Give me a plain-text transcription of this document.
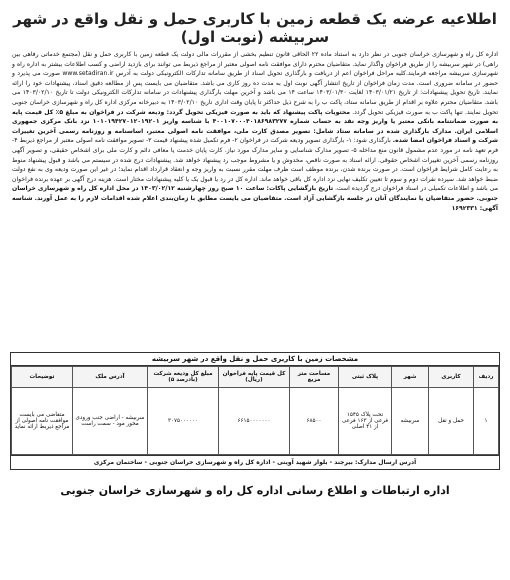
اطلاعیه عرضه یک قطعه زمین با کاربری حمل و نقل واقع در شهر سربیشه (نوبت اول)
اداره کل راه و شهرسازی خراسان جنوبی در نظر دارد به استناد ماده ۲۲ الحاقی قانون تنظیم بخشی از مقررات مالی دولت یک قطعه زمین با کاربری حمل و نقل (مجتمع خدماتی رفاهی بین راهی) در شهر سربیشه را از طریق فراخوان واگذار نماید. متقاضیان محترم دارای موافقت نامه اصولی معتبر از مراجع ذیربط می توانند برای بازدید اراضی و کسب اطلاعات بیشتر به اداره راه و شهرسازی سربیشه مراجعه فرمایند.کلیه مراحل فراخوان اعم از دریافت و بارگذاری تحویل اسناد از طریق سامانه تدارکات الکترونیکی دولت به آدرس www.setadiran.ir صورت می پذیرد و حضور در سامانه ضروری است. مدت زمان فراخوان از تاریخ انتشار آگهی نوبت اول به مدت ده روز کاری می باشد. متقاضیان می بایست پس از مطالعه دقیق اسناد، پیشنهادات خود را ارائه نمایند. تاریخ تحویل پیشنهادات: از تاریخ ۱۴۰۳/۰۱/۲۱ لغایت ۱۴۰۳/۰۱/۳۰ ساعت ۱۴ می باشد و آخرین مهلت بارگذاری پیشنهادات در سامانه تدارکات الکترونیکی دولت تا تاریخ ۱۴۰۳/۰۲/۱۰ می باشد. متقاضیان محترم علاوه بر اقدام از طریق سامانه ستاد، پاکت ب را به شرح ذیل حداکثر تا پایان وقت اداری تاریخ ۱۴۰۳/۰۲/۱۰ به دبیرخانه مرکزی اداره کل راه و شهرسازی خراسان جنوبی تحویل نمایند. تنها پاکت ب به صورت فیزیکی تحویل گردد. محتویات پاکت پیشنهاد که باید به صورت فیزیکی تحویل گردد: ودیعه شرکت در فراخوان به مبلغ ۵٪ کل قیمت پایه به صورت ضمانتنامه بانکی معتبر یا واریز وجه نقد به حساب شماره ۴۰۰۱۰۷۰۰۰۴۰۱۸۶۹۸۳۲۷۷ با شناسه واریز ۱۰۱۰۱۹۴۲۷۰۱۲۰۱۹۲۰۱ نزد بانک مرکزی جمهوری اسلامی ایران. مدارک بارگذاری شده در سامانه ستاد شامل: تصویر مصدق کارت ملی، موافقت نامه اصولی معتبر، اساسنامه و روزنامه رسمی آخرین تغییرات شرکت و اسناد فراخوان امضا شده. بارگذاری شود: ۱- بارگذاری تصویر ودیعه شرکت در فراخوان ۲- فرم تکمیل شده پیشنهاد قیمت ۳- تصویر موافقت نامه اصولی معتبر از مراجع ذیربط ۴- فرم تعهد نامه در مورد عدم مشمول قانون منع مداخله ۵- تصویر مدارک شناسایی و سایر مدارک مورد نیاز. کارت پایان خدمت یا معافی دائم و کارت ملی برای اشخاص حقیقی، و تصویر آگهی روزنامه رسمی آخرین تغییرات اشخاص حقوقی. ارائه اسناد به صورت ناقص، مخدوش و یا مشروط موجب رد پیشنهاد خواهد شد. پیشنهادات درج شده در سیستم می باشد و قبول پیشنهاد منوط به رعایت کامل شرایط فراخوان است. در صورت برنده شدن، برنده موظف است ظرف مهلت مقرر نسبت به واریز وجه و انعقاد قرارداد اقدام نماید؛ در غیر این صورت ودیعه وی به نفع دولت ضبط خواهد شد. سپرده نفرات دوم و سوم تا تعیین تکلیف نهایی نزد اداره کل باقی خواهد ماند. اداره کل در رد یا قبول یک یا کلیه پیشنهادات مختار است. هزینه درج آگهی بر عهده برنده فراخوان می باشد و اطلاعات تکمیلی در اسناد فراخوان درج گردیده است. تاریخ بازگشایی پاکات: ساعت ۱۰ صبح روز چهارشنبه ۱۴۰۳/۰۲/۱۲ در محل اداره کل راه و شهرسازی خراسان جنوبی. حضور متقاضیان یا نمایندگان آنان در جلسه بازگشایی آزاد است. متقاضیان می بایست مطابق با زمان‌بندی اعلام شده اقدامات لازم را به عمل آورند. شناسه آگهی: ۱۶۹۲۳۳۱
مشخصات زمین با کاربری حمل و نقل واقع در شهر سربیشه
ردیف	کاربری	شهر	پلاک ثبتی	مساحت متر مربع	کل قیمت پایه فراخوان (ریال)	مبلغ کل ودیعه شرکت (بادرصد ۵)	آدرس ملک	توضیحات
۱	حمل و نقل	سربیشه	تحت پلاک ۱۵۴۵ فرعی از ۱۶۳ فرعی از ۴۱ اصلی	۶۸۵۰۰	۶۶۱۵۰۰۰۰۰۰۰	۳۰۷۵۰۰۰۰۰۰	سربیشه - اراضی جنب ورودی محور مود - سمت راست	متقاضی می بایست موافقت نامه اصولی از مراجع ذیربط ارائه نماید
آدرس ارسال مدارک: بیرجند - بلوار شهید آوینی - اداره کل راه و شهرسازی خراسان جنوبی - ساختمان مرکزی
اداره ارتباطات و اطلاع رسانی اداره کل راه و شهرسازی خراسان جنوبی
